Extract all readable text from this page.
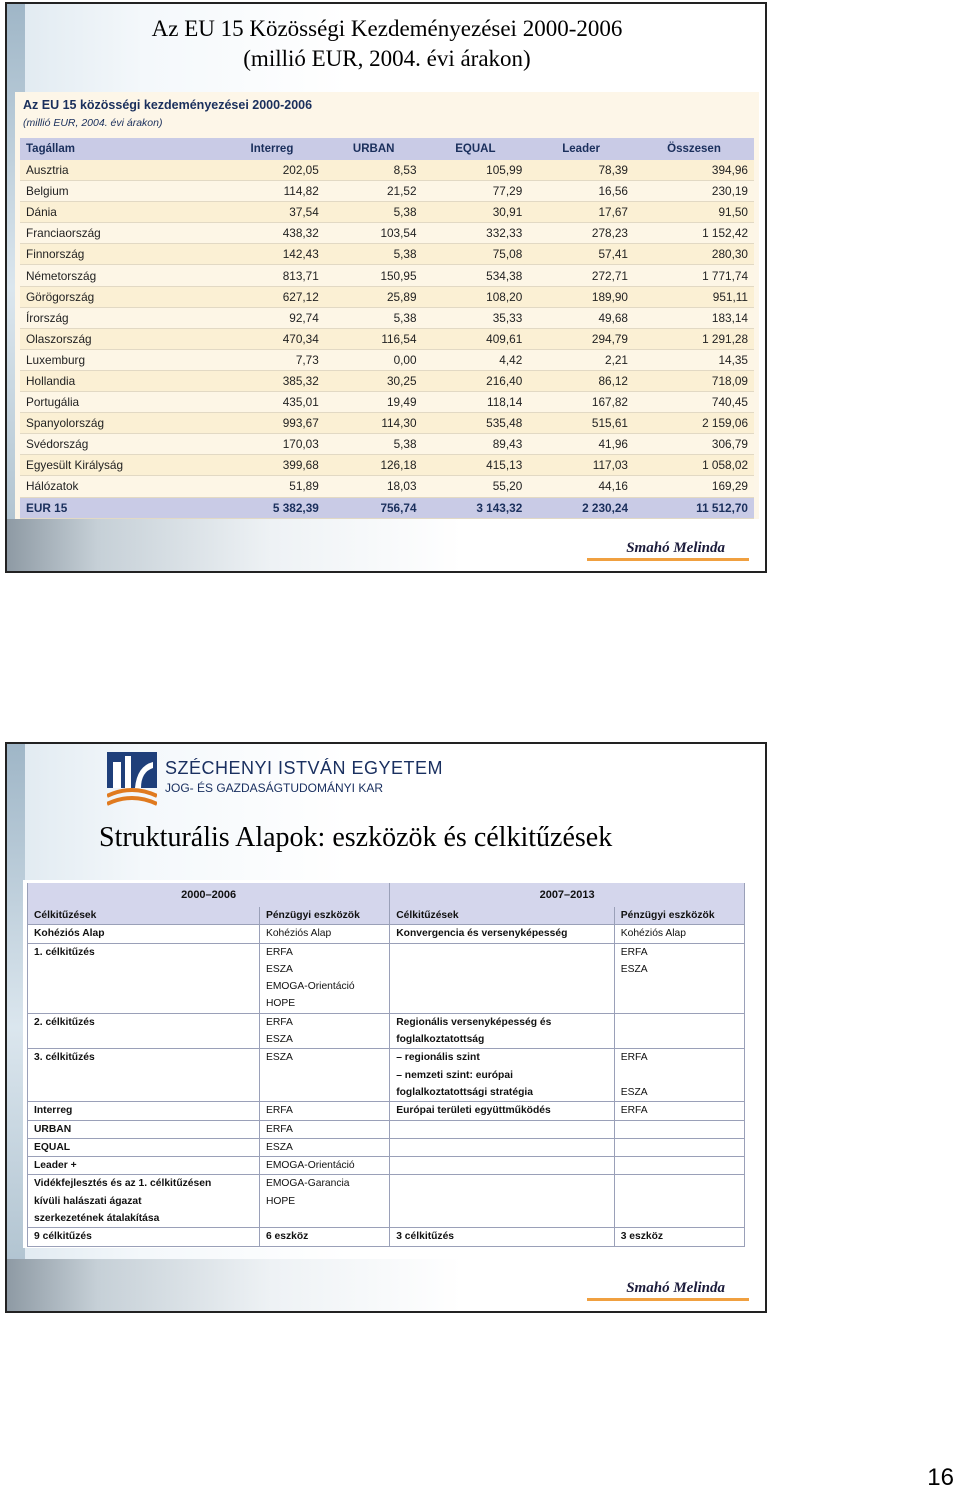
Az EU 15 Közösségi Kezdeményezései 2000-2006
(millió EUR, 2004. évi árakon)
Az EU 15 közösségi kezdeményezései 2000-2006
(millió EUR, 2004. évi árakon)
Tagállam	Interreg	URBAN	EQUAL	Leader	Összesen
Ausztria	202,05	8,53	105,99	78,39	394,96
Belgium	114,82	21,52	77,29	16,56	230,19
Dánia	37,54	5,38	30,91	17,67	91,50
Franciaország	438,32	103,54	332,33	278,23	1 152,42
Finnország	142,43	5,38	75,08	57,41	280,30
Németország	813,71	150,95	534,38	272,71	1 771,74
Görögország	627,12	25,89	108,20	189,90	951,11
Írország	92,74	5,38	35,33	49,68	183,14
Olaszország	470,34	116,54	409,61	294,79	1 291,28
Luxemburg	7,73	0,00	4,42	2,21	14,35
Hollandia	385,32	30,25	216,40	86,12	718,09
Portugália	435,01	19,49	118,14	167,82	740,45
Spanyolország	993,67	114,30	535,48	515,61	2 159,06
Svédország	170,03	5,38	89,43	41,96	306,79
Egyesült Királyság	399,68	126,18	415,13	117,03	1 058,02
Hálózatok	51,89	18,03	55,20	44,16	169,29
EUR 15	5 382,39	756,74	3 143,32	2 230,24	11 512,70
Smahó Melinda
SZÉCHENYI ISTVÁN EGYETEM
JOG- ÉS GAZDASÁGTUDOMÁNYI KAR
Strukturális Alapok: eszközök és célkitűzések
2000–2006		2007–2013	
Célkitűzések	Pénzügyi eszközök	Célkitűzések	Pénzügyi eszközök
Kohéziós Alap	Kohéziós Alap	Konvergencia és versenyképesség	Kohéziós Alap
1. célkitűzés	ERFA		ERFA
	ESZA		ESZA
	EMOGA-Orientáció		
	HOPE		
2. célkitűzés	ERFA	Regionális versenyképesség és	
	ESZA	foglalkoztatottság	
3. célkitűzés	ESZA	– regionális szint	ERFA
		– nemzeti szint: európai	
		foglalkoztatottsági stratégia	ESZA
Interreg	ERFA	Európai területi együttműködés	ERFA
URBAN	ERFA		
EQUAL	ESZA		
Leader +	EMOGA-Orientáció		
Vidékfejlesztés és az 1. célkitűzésen	EMOGA-Garancia		
kívüli halászati ágazat	HOPE		
szerkezetének átalakítása			
9 célkitűzés	6 eszköz	3 célkitűzés	3 eszköz
Smahó Melinda
16
